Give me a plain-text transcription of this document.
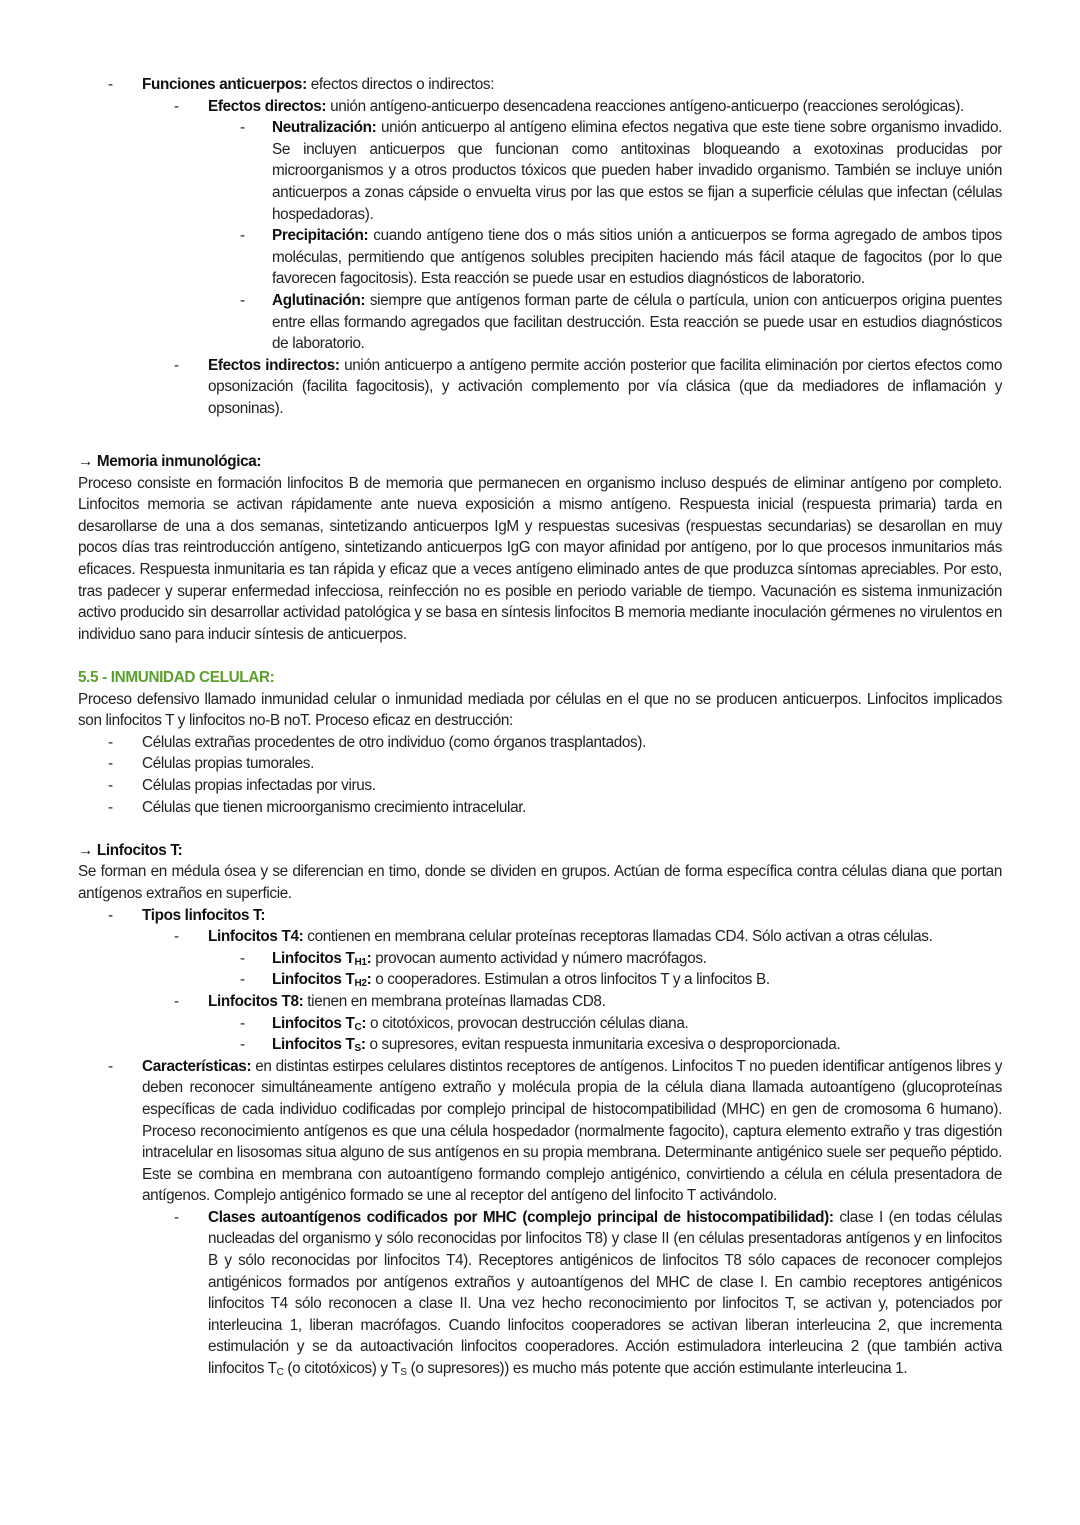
- Funciones anticuerpos: efectos directos o indirectos:
- Efectos directos: unión antígeno-anticuerpo desencadena reacciones antígeno-anticuerpo (reacciones serológicas).
- Neutralización: unión anticuerpo al antígeno elimina efectos negativa que este tiene sobre organismo invadido. Se incluyen anticuerpos que funcionan como antitoxinas bloqueando a exotoxinas producidas por microorganismos y a otros productos tóxicos que pueden haber invadido organismo. También se incluye unión anticuerpos a zonas cápside o envuelta virus por las que estos se fijan a superficie células que infectan (células hospedadoras).
- Precipitación: cuando antígeno tiene dos o más sitios unión a anticuerpos se forma agregado de ambos tipos moléculas, permitiendo que antígenos solubles precipiten haciendo más fácil ataque de fagocitos (por lo que favorecen fagocitosis). Esta reacción se puede usar en estudios diagnósticos de laboratorio.
- Aglutinación: siempre que antígenos forman parte de célula o partícula, union con anticuerpos origina puentes entre ellas formando agregados que facilitan destrucción. Esta reacción se puede usar en estudios diagnósticos de laboratorio.
- Efectos indirectos: unión anticuerpo a antígeno permite acción posterior que facilita eliminación por ciertos efectos como opsonización (facilita fagocitosis), y activación complemento por vía clásica (que da mediadores de inflamación y opsoninas).

→ Memoria inmunológica:

Proceso consiste en formación linfocitos B de memoria que permanecen en organismo incluso después de eliminar antígeno por completo. Linfocitos memoria se activan rápidamente ante nueva exposición a mismo antígeno. Respuesta inicial (respuesta primaria) tarda en desarollarse de una a dos semanas, sintetizando anticuerpos IgM y respuestas sucesivas (respuestas secundarias) se desarollan en muy pocos días tras reintroducción antígeno, sintetizando anticuerpos IgG con mayor afinidad por antígeno, por lo que procesos inmunitarios más eficaces. Respuesta inmunitaria es tan rápida y eficaz que a veces antígeno eliminado antes de que produzca síntomas apreciables. Por esto, tras padecer y superar enfermedad infecciosa, reinfección no es posible en periodo variable de tiempo. Vacunación es sistema inmunización activo producido sin desarrollar actividad patológica y se basa en síntesis linfocitos B memoria mediante inoculación gérmenes no virulentos en individuo sano para inducir síntesis de anticuerpos.

5.5 - INMUNIDAD CELULAR:

Proceso defensivo llamado inmunidad celular o inmunidad mediada por células en el que no se producen anticuerpos. Linfocitos implicados son linfocitos T y linfocitos no-B noT. Proceso eficaz en destrucción:

- Células extrañas procedentes de otro individuo (como órganos trasplantados).
- Células propias tumorales.
- Células propias infectadas por virus.
- Células que tienen microorganismo crecimiento intracelular.

→ Linfocitos T:

Se forman en médula ósea y se diferencian en timo, donde se dividen en grupos. Actúan de forma específica contra células diana que portan antígenos extraños en superficie.

- Tipos linfocitos T:
- Linfocitos T4: contienen en membrana celular proteínas receptoras llamadas CD4. Sólo activan a otras células.
- Linfocitos $T_{H1}$: provocan aumento actividad y número macrófagos.
- Linfocitos $T_{H2}$: o cooperadores. Estimulan a otros linfocitos T y a linfocitos B.
- Linfocitos T8: tienen en membrana proteínas llamadas CD8.
- Linfocitos $T_C$: o citotóxicos, provocan destrucción células diana.
- Linfocitos $T_S$: o supresores, evitan respuesta inmunitaria excesiva o desproporcionada.
- Características: en distintas estirpes celulares distintos receptores de antígenos. Linfocitos T no pueden identificar antígenos libres y deben reconocer simultáneamente antígeno extraño y molécula propia de la célula diana llamada autoantígeno (glucoproteínas específicas de cada individuo codificadas por complejo principal de histocompatibilidad (MHC) en gen de cromosoma 6 humano). Proceso reconocimiento antígenos es que una célula hospedador (normalmente fagocito), captura elemento extraño y tras digestión intracelular en lisosomas situa alguno de sus antígenos en su propia membrana. Determinante antigénico suele ser pequeño péptido. Este se combina en membrana con autoantígeno formando complejo antigénico, convirtiendo a célula en célula presentadora de antígenos. Complejo antigénico formado se une al receptor del antígeno del linfocito T activándolo.
- Clases autoantígenos codificados por MHC (complejo principal de histocompatibilidad): clase I (en todas células nucleadas del organismo y sólo reconocidas por linfocitos T8) y clase II (en células presentadoras antígenos y en linfocitos B y sólo reconocidas por linfocitos T4). Receptores antigénicos de linfocitos T8 sólo capaces de reconocer complejos antigénicos formados por antígenos extraños y autoantígenos del MHC de clase I. En cambio receptores antigénicos linfocitos T4 sólo reconocen a clase II. Una vez hecho reconocimiento por linfocitos T, se activan y, potenciados por interleucina 1, liberan macrófagos. Cuando linfocitos cooperadores se activan liberan interleucina 2, que incrementa estimulación y se da autoactivación linfocitos cooperadores. Acción estimuladora interleucina 2 (que también activa linfocitos $T_C$ (o citotóxicos) y $T_S$ (o supresores)) es mucho más potente que acción estimulante interleucina 1.
